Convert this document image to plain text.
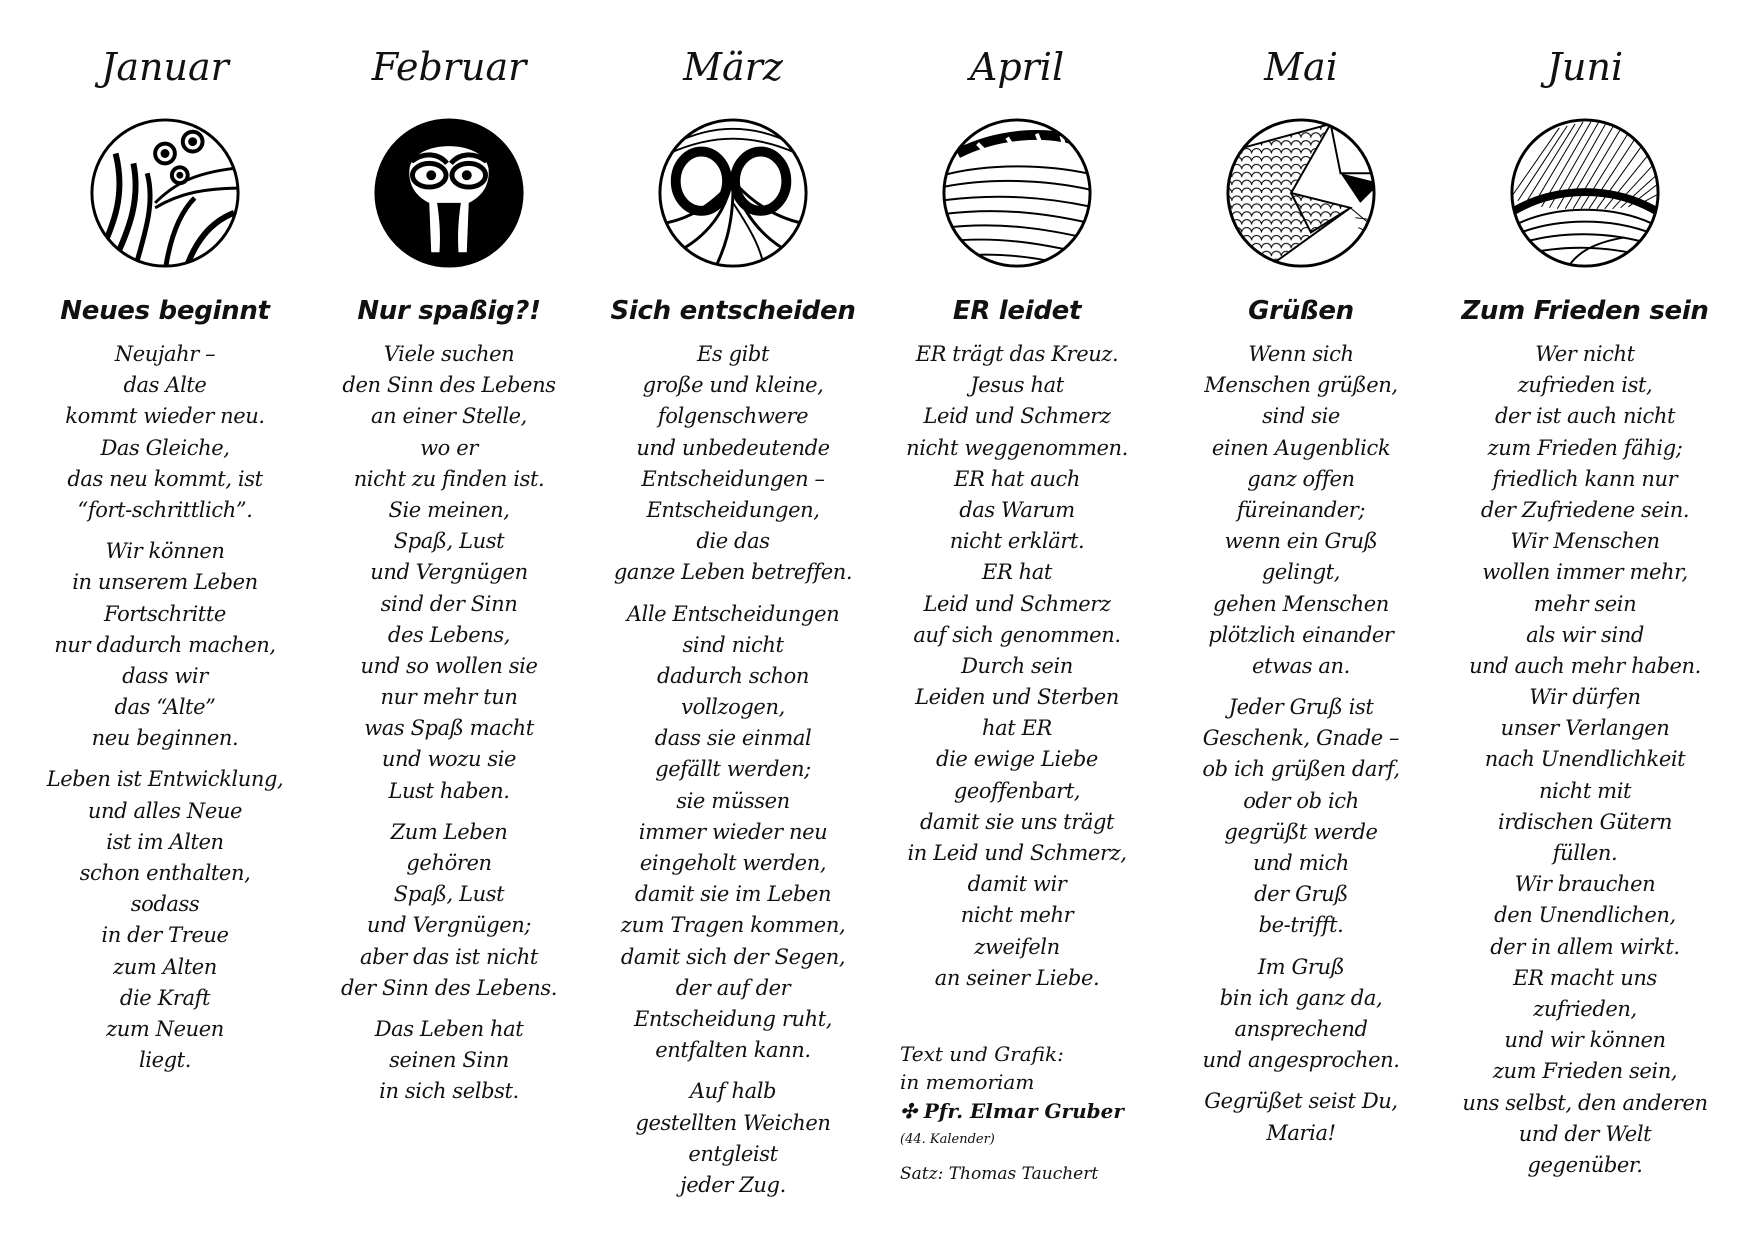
Januar
Neues beginnt
Neujahr –
das Alte
kommt wieder neu.
Das Gleiche,
das neu kommt, ist
“fort-schrittlich”.
Wir können
in unserem Leben
Fortschritte
nur dadurch machen,
dass wir
das “Alte”
neu beginnen.
Leben ist Entwicklung,
und alles Neue
ist im Alten
schon enthalten,
sodass
in der Treue
zum Alten
die Kraft
zum Neuen
liegt.
Februar
Nur spaßig?!
Viele suchen
den Sinn des Lebens
an einer Stelle,
wo er
nicht zu finden ist.
Sie meinen,
Spaß, Lust
und Vergnügen
sind der Sinn
des Lebens,
und so wollen sie
nur mehr tun
was Spaß macht
und wozu sie
Lust haben.
Zum Leben
gehören
Spaß, Lust
und Vergnügen;
aber das ist nicht
der Sinn des Lebens.
Das Leben hat
seinen Sinn
in sich selbst.
März
Sich entscheiden
Es gibt
große und kleine,
folgenschwere
und unbedeutende
Entscheidungen –
Entscheidungen,
die das
ganze Leben betreffen.
Alle Entscheidungen
sind nicht
dadurch schon
vollzogen,
dass sie einmal
gefällt werden;
sie müssen
immer wieder neu
eingeholt werden,
damit sie im Leben
zum Tragen kommen,
damit sich der Segen,
der auf der
Entscheidung ruht,
entfalten kann.
Auf halb
gestellten Weichen
entgleist
jeder Zug.
April
ER leidet
ER trägt das Kreuz.
Jesus hat
Leid und Schmerz
nicht weggenommen.
ER hat auch
das Warum
nicht erklärt.
ER hat
Leid und Schmerz
auf sich genommen.
Durch sein
Leiden und Sterben
hat ER
die ewige Liebe
geoffenbart,
damit sie uns trägt
in Leid und Schmerz,
damit wir
nicht mehr
zweifeln
an seiner Liebe.
Text und Grafik:
in memoriam
✣ Pfr. Elmar Gruber
(44. Kalender)
Satz: Thomas Tauchert
Mai
Grüßen
Wenn sich
Menschen grüßen,
sind sie
einen Augenblick
ganz offen
füreinander;
wenn ein Gruß
gelingt,
gehen Menschen
plötzlich einander
etwas an.
Jeder Gruß ist
Geschenk, Gnade –
ob ich grüßen darf,
oder ob ich
gegrüßt werde
und mich
der Gruß
be-trifft.
Im Gruß
bin ich ganz da,
ansprechend
und angesprochen.
Gegrüßet seist Du,
Maria!
Juni
Zum Frieden sein
Wer nicht
zufrieden ist,
der ist auch nicht
zum Frieden fähig;
friedlich kann nur
der Zufriedene sein.
Wir Menschen
wollen immer mehr,
mehr sein
als wir sind
und auch mehr haben.
Wir dürfen
unser Verlangen
nach Unendlichkeit
nicht mit
irdischen Gütern
füllen.
Wir brauchen
den Unendlichen,
der in allem wirkt.
ER macht uns
zufrieden,
und wir können
zum Frieden sein,
uns selbst, den anderen
und der Welt
gegenüber.
